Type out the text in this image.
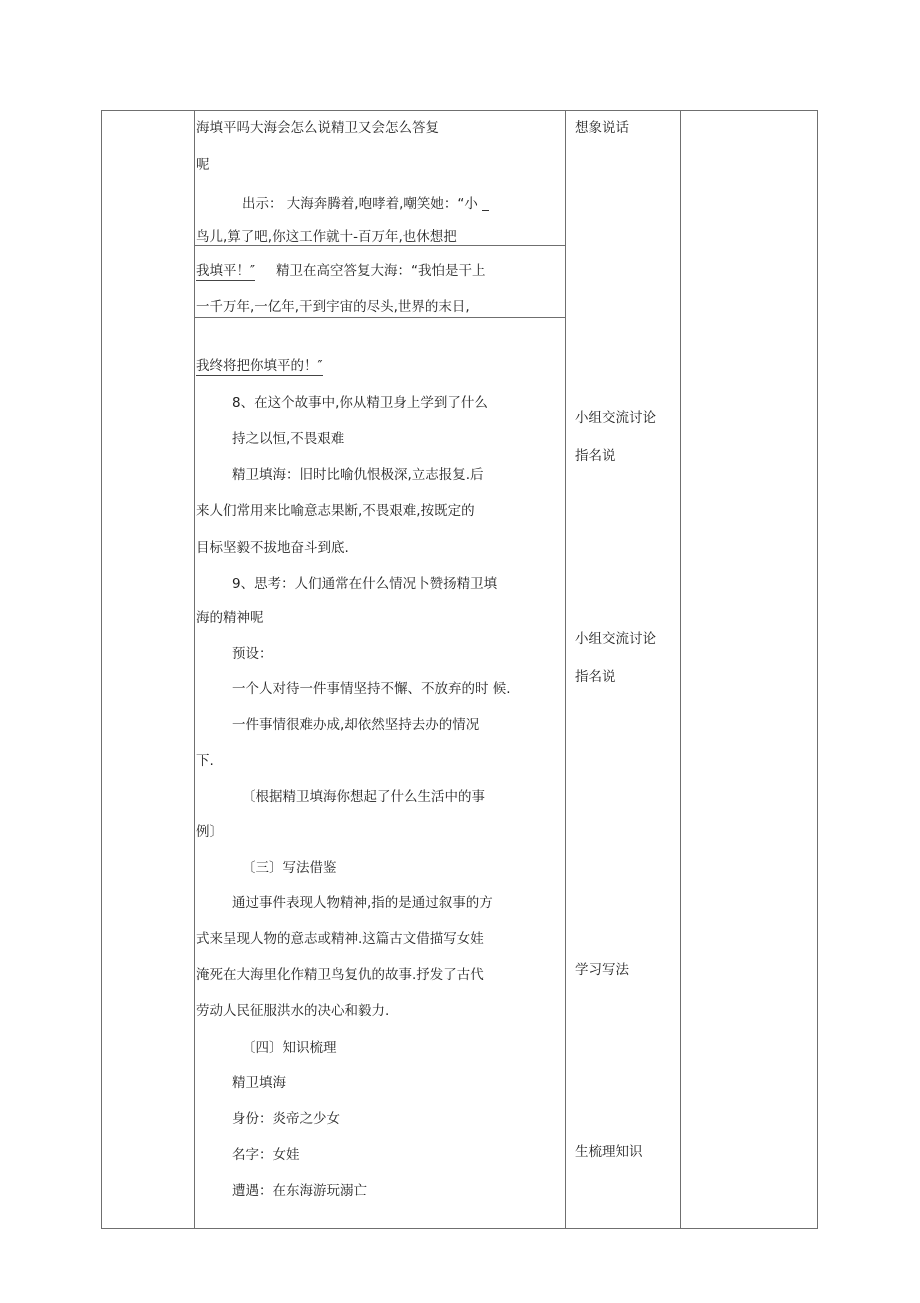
海填平吗大海会怎么说精卫又会怎么答复
呢
出示： 大海奔腾着,咆哮着,嘲笑她：“小 _
鸟儿,算了吧,你这工作就十-百万年,也休想把
我填平！″ 精卫在高空答复大海：“我怕是干上
一千万年,一亿年,干到宇宙的尽头,世界的末日,
我终将把你填平的！″
8、在这个故事中,你从精卫身上学到了什么
持之以恒,不畏艰难
精卫填海：旧时比喻仇恨极深,立志报复.后
来人们常用来比喻意志果断,不畏艰难,按既定的
目标坚毅不拔地奋斗到底.
9、思考：人们通常在什么情况卜赞扬精卫填
海的精神呢
预设：
一个人对待一件事情坚持不懈、不放弃的时 候.
一件事情很难办成,却依然坚持去办的情况
下.
〔根据精卫填海你想起了什么生活中的事
例〕
〔三〕写法借鉴
通过事件表现人物精神,指的是通过叙事的方
式来呈现人物的意志或精神.这篇古文借描写女娃
淹死在大海里化作精卫鸟复仇的故事.抒发了古代
劳动人民征服洪水的决心和毅力.
〔四〕知识梳理
精卫填海
身份：炎帝之少女
名字：女娃
遭遇：在东海游玩溺亡
想象说话
小组交流讨论
指名说
小组交流讨论
指名说
学习写法
生梳理知识
